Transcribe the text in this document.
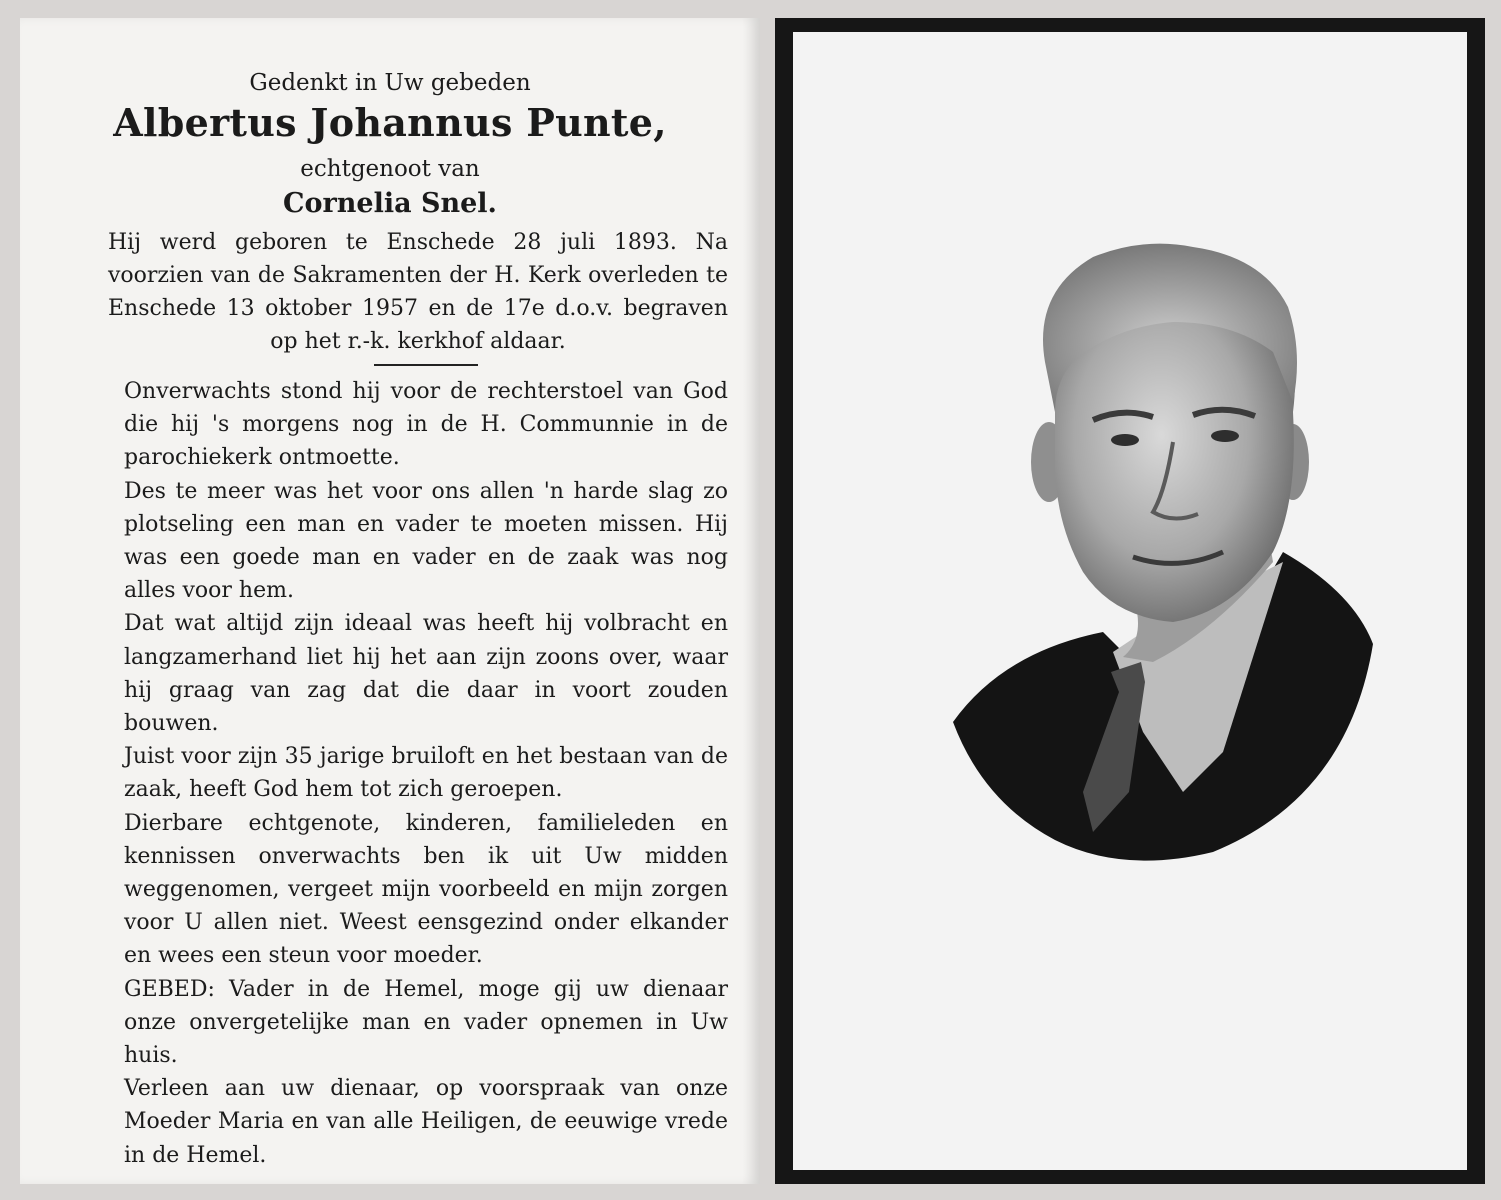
Gedenkt in Uw gebeden
Albertus Johannus Punte,
echtgenoot van
Cornelia Snel.
Hij werd geboren te Enschede 28 juli 1893. Na voorzien van de Sakramenten der H. Kerk overleden te Enschede 13 oktober 1957 en de 17e d.o.v. begraven op het r.-k. kerkhof aldaar.

Onverwachts stond hij voor de rechterstoel van God die hij 's morgens nog in de H. Communnie in de parochiekerk ontmoette.

Des te meer was het voor ons allen 'n harde slag zo plotseling een man en vader te moeten missen. Hij was een goede man en vader en de zaak was nog alles voor hem.

Dat wat altijd zijn ideaal was heeft hij volbracht en langzamerhand liet hij het aan zijn zoons over, waar hij graag van zag dat die daar in voort zouden bouwen.

Juist voor zijn 35 jarige bruiloft en het bestaan van de zaak, heeft God hem tot zich geroepen.

Dierbare echtgenote, kinderen, familieleden en kennissen onverwachts ben ik uit Uw midden weggenomen, vergeet mijn voorbeeld en mijn zorgen voor U allen niet. Weest eensgezind onder elkander en wees een steun voor moeder.

GEBED: Vader in de Hemel, moge gij uw dienaar onze onvergetelijke man en vader opnemen in Uw huis.

Verleen aan uw dienaar, op voorspraak van onze Moeder Maria en van alle Heiligen, de eeuwige vrede in de Hemel.
